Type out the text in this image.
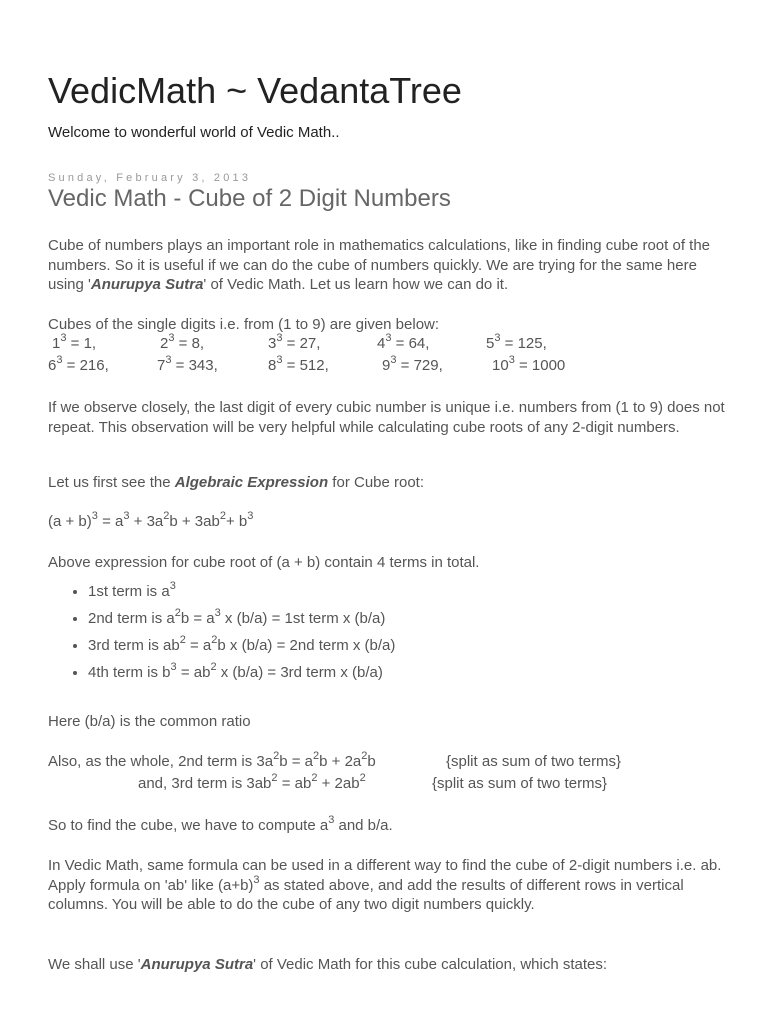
VedicMath ~ VedantaTree
Welcome to wonderful world of Vedic Math..
Sunday, February 3, 2013
Vedic Math - Cube of 2 Digit Numbers

Cube of numbers plays an important role in mathematics calculations, like in finding cube root of the numbers. So it is useful if we can do the cube of numbers quickly. We are trying for the same here using 'Anurupya Sutra' of Vedic Math. Let us learn how we can do it.

Cubes of the single digits i.e. from (1 to 9) are given below:

$1^3 = 1$,	$2^3 = 8$,	$3^3 = 27$,	$4^3 = 64$,	$5^3 = 125$,
$6^3 = 216$,	$7^3 = 343$,	$8^3 = 512$,	$9^3 = 729$,	$10^3 = 1000$

If we observe closely, the last digit of every cubic number is unique i.e. numbers from (1 to 9) does not repeat. This observation will be very helpful while calculating cube roots of any 2-digit numbers.

Let us first see the Algebraic Expression for Cube root:

$(a + b)^3 = a^3 + 3a^2b + 3ab^2+ b^3$

Above expression for cube root of (a + b) contain 4 terms in total.

• 1st term is $a^3$
• 2nd term is $a^2b = a^3$ x (b/a) = 1st term x (b/a)
• 3rd term is $ab^2 = a^2b$ x (b/a) = 2nd term x (b/a)
• 4th term is $b^3 = ab^2$ x (b/a) = 3rd term x (b/a)

Here (b/a) is the common ratio

Also, as the whole, 2nd term is $3a^2b = a^2b + 2a^2b$	{split as sum of two terms}

and, 3rd term is $3ab^2 = ab^2 + 2ab^2$	{split as sum of two terms}

So to find the cube, we have to compute $a^3$ and b/a.

In Vedic Math, same formula can be used in a different way to find the cube of 2-digit numbers i.e. ab. Apply formula on 'ab' like $(a+b)^3$ as stated above, and add the results of different rows in vertical columns. You will be able to do the cube of any two digit numbers quickly.

We shall use 'Anurupya Sutra' of Vedic Math for this cube calculation, which states:
